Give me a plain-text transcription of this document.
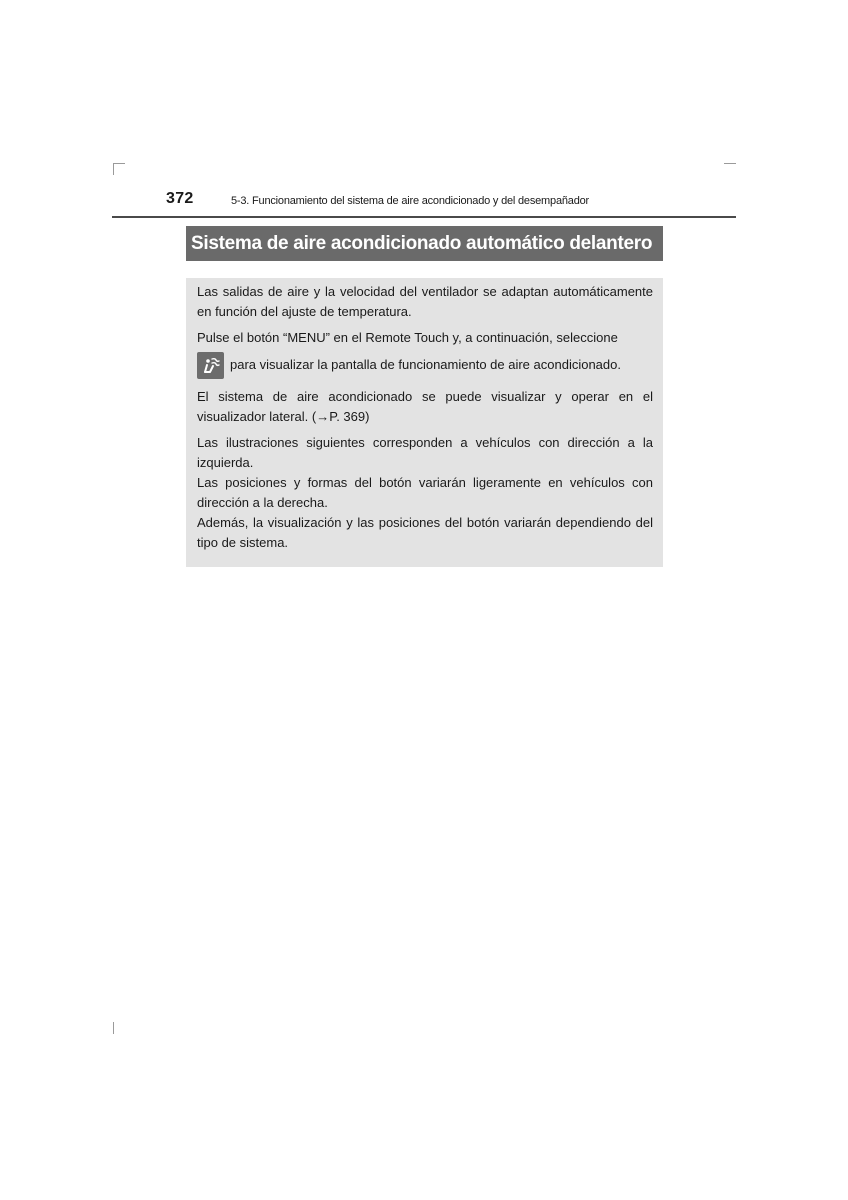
372	5-3. Funcionamiento del sistema de aire acondicionado y del desempañador
Sistema de aire acondicionado automático delantero

Las salidas de aire y la velocidad del ventilador se adaptan automáticamente en función del ajuste de temperatura.

Pulse el botón “MENU” en el Remote Touch y, a continuación, seleccione

para visualizar la pantalla de funcionamiento de aire acondicionado.

El sistema de aire acondicionado se puede visualizar y operar en el visualizador lateral. (→P. 369)

Las ilustraciones siguientes corresponden a vehículos con dirección a la izquierda.

Las posiciones y formas del botón variarán ligeramente en vehículos con dirección a la derecha.

Además, la visualización y las posiciones del botón variarán dependiendo del tipo de sistema.
